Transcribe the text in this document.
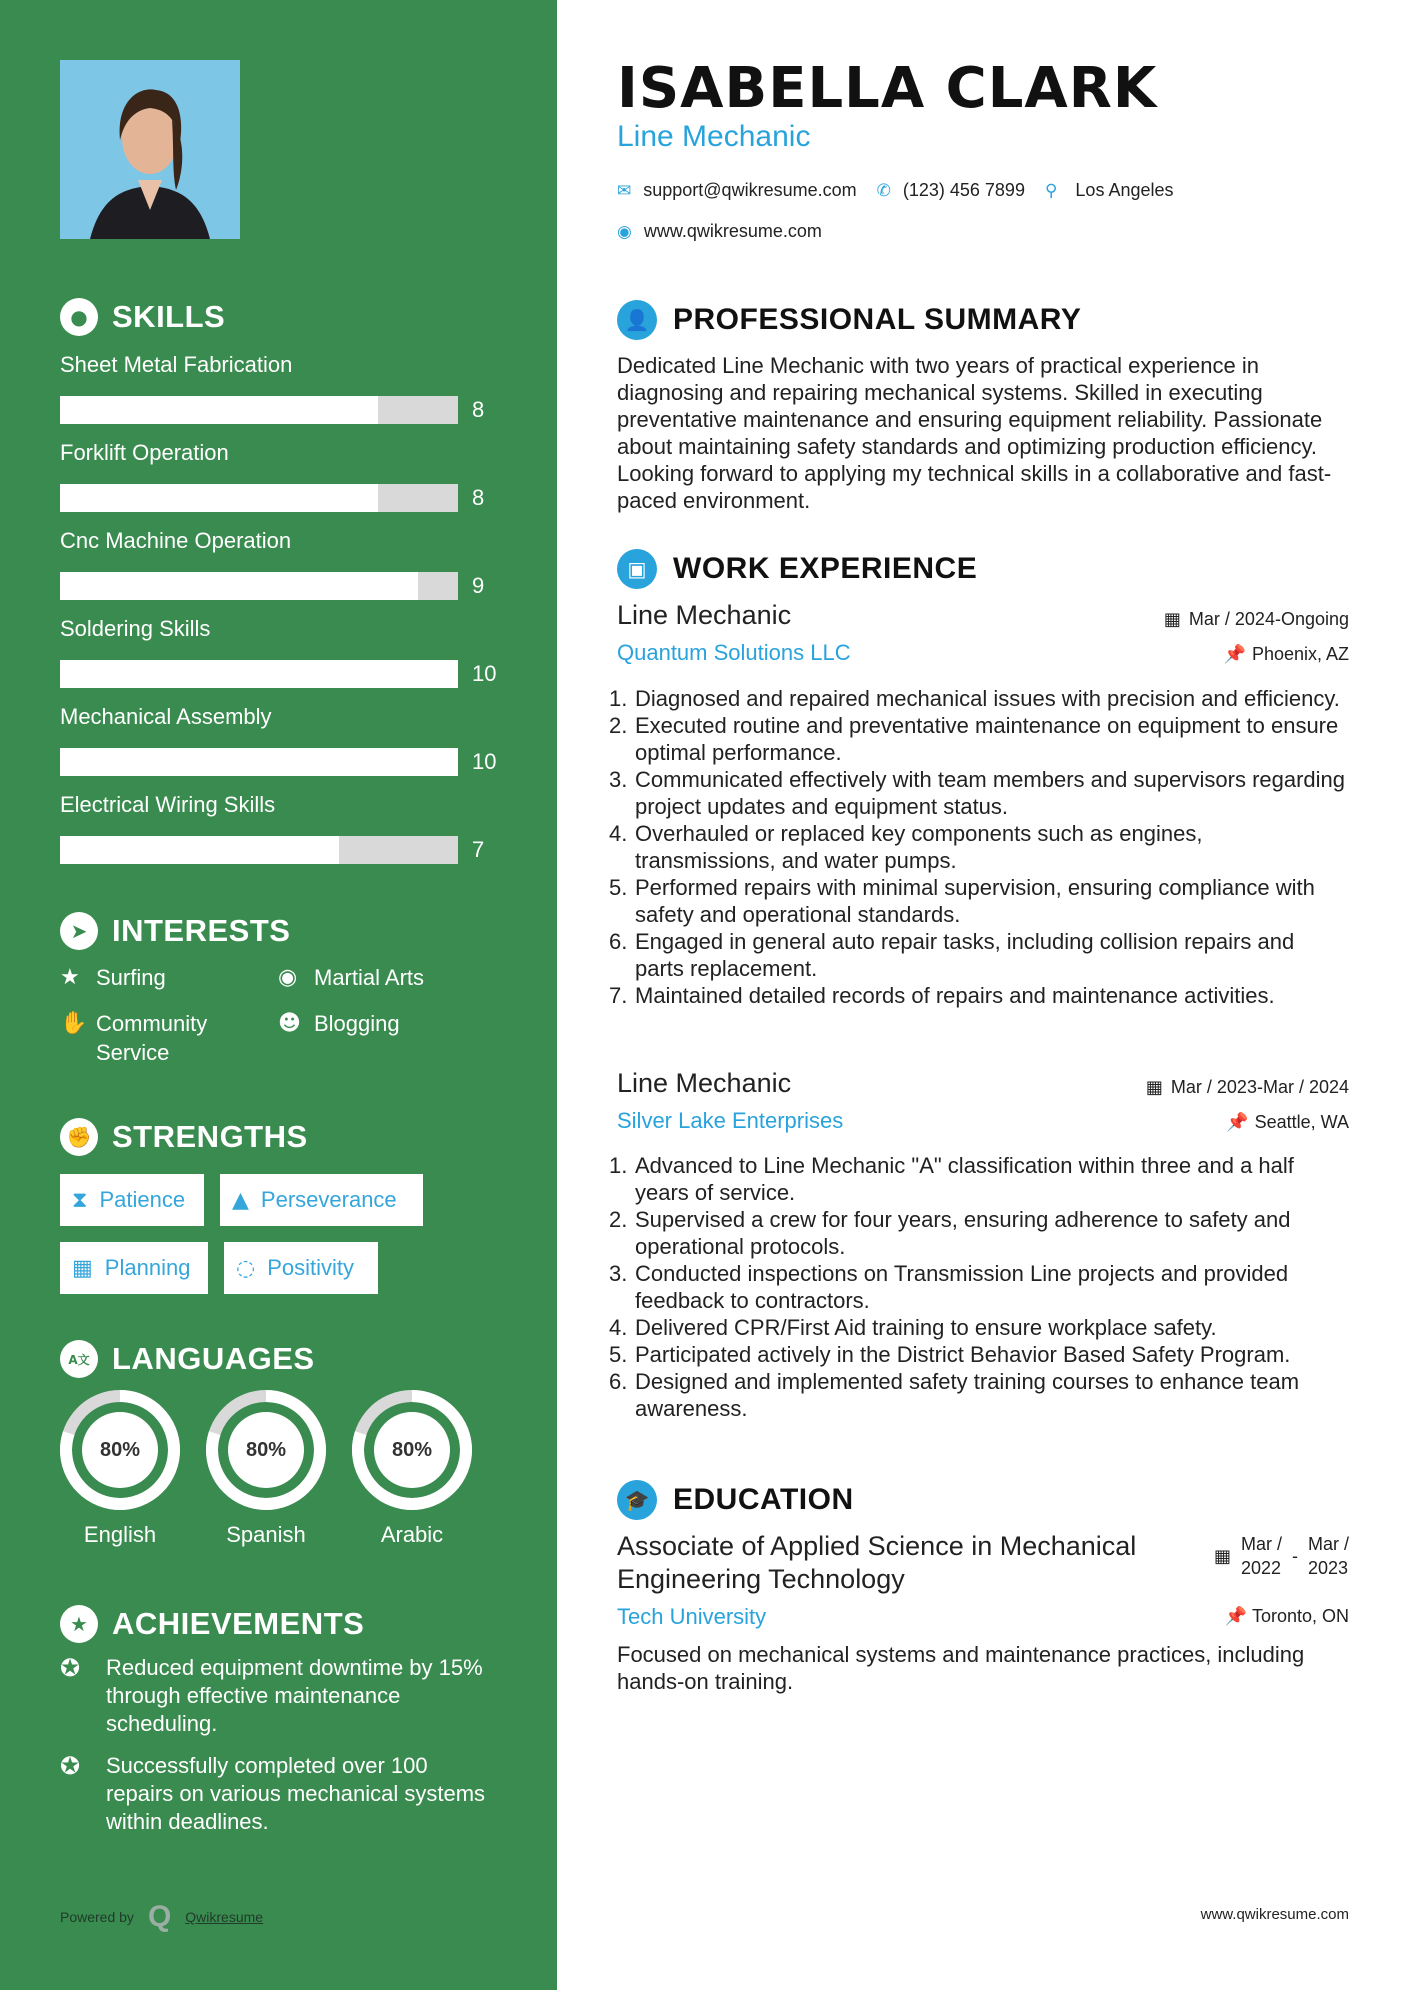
● SKILLS
Sheet Metal Fabrication
8
Forklift Operation
8
Cnc Machine Operation
9
Soldering Skills
10
Mechanical Assembly
10
Electrical Wiring Skills
7
➤ INTERESTS
★ Surfing	◉ Martial Arts
✋ Community Service
☻ Blogging
✊ STRENGTHS
⧗ Patience ▲ Perseverance
▦ Planning ◌ Positivity
A文 LANGUAGES
80%
English
80%
Spanish
80%
Arabic
★ ACHIEVEMENTS
✪	Reduced equipment downtime by 15% through effective maintenance scheduling.
✪	Successfully completed over 100 repairs on various mechanical systems within deadlines.
Powered by Q Qwikresume
ISABELLA CLARK
Line Mechanic
✉ support@qwikresume.com ✆ (123) 456 7899 ⚲ Los Angeles
◉ www.qwikresume.com
👤 PROFESSIONAL SUMMARY
Dedicated Line Mechanic with two years of practical experience in diagnosing and repairing mechanical systems. Skilled in executing preventative maintenance and ensuring equipment reliability. Passionate about maintaining safety standards and optimizing production efficiency. Looking forward to applying my technical skills in a collaborative and fast-paced environment.
▣ WORK EXPERIENCE
Line Mechanic	▦ Mar / 2024-Ongoing
Quantum Solutions LLC	📌 Phoenix, AZ
1. Diagnosed and repaired mechanical issues with precision and efficiency.
2. Executed routine and preventative maintenance on equipment to ensure optimal performance.
3. Communicated effectively with team members and supervisors regarding project updates and equipment status.
4. Overhauled or replaced key components such as engines, transmissions, and water pumps.
5. Performed repairs with minimal supervision, ensuring compliance with safety and operational standards.
6. Engaged in general auto repair tasks, including collision repairs and parts replacement.
7. Maintained detailed records of repairs and maintenance activities.
Line Mechanic	▦ Mar / 2023-Mar / 2024
Silver Lake Enterprises	📌 Seattle, WA
1. Advanced to Line Mechanic "A" classification within three and a half years of service.
2. Supervised a crew for four years, ensuring adherence to safety and operational protocols.
3. Conducted inspections on Transmission Line projects and provided feedback to contractors.
4. Delivered CPR/First Aid training to ensure workplace safety.
5. Participated actively in the District Behavior Based Safety Program.
6. Designed and implemented safety training courses to enhance team awareness.
🎓 EDUCATION
Associate of Applied Science in Mechanical Engineering Technology
▦
Mar /
2022
-
Mar /
2023
Tech University	📌 Toronto, ON
Focused on mechanical systems and maintenance practices, including hands-on training.
www.qwikresume.com
